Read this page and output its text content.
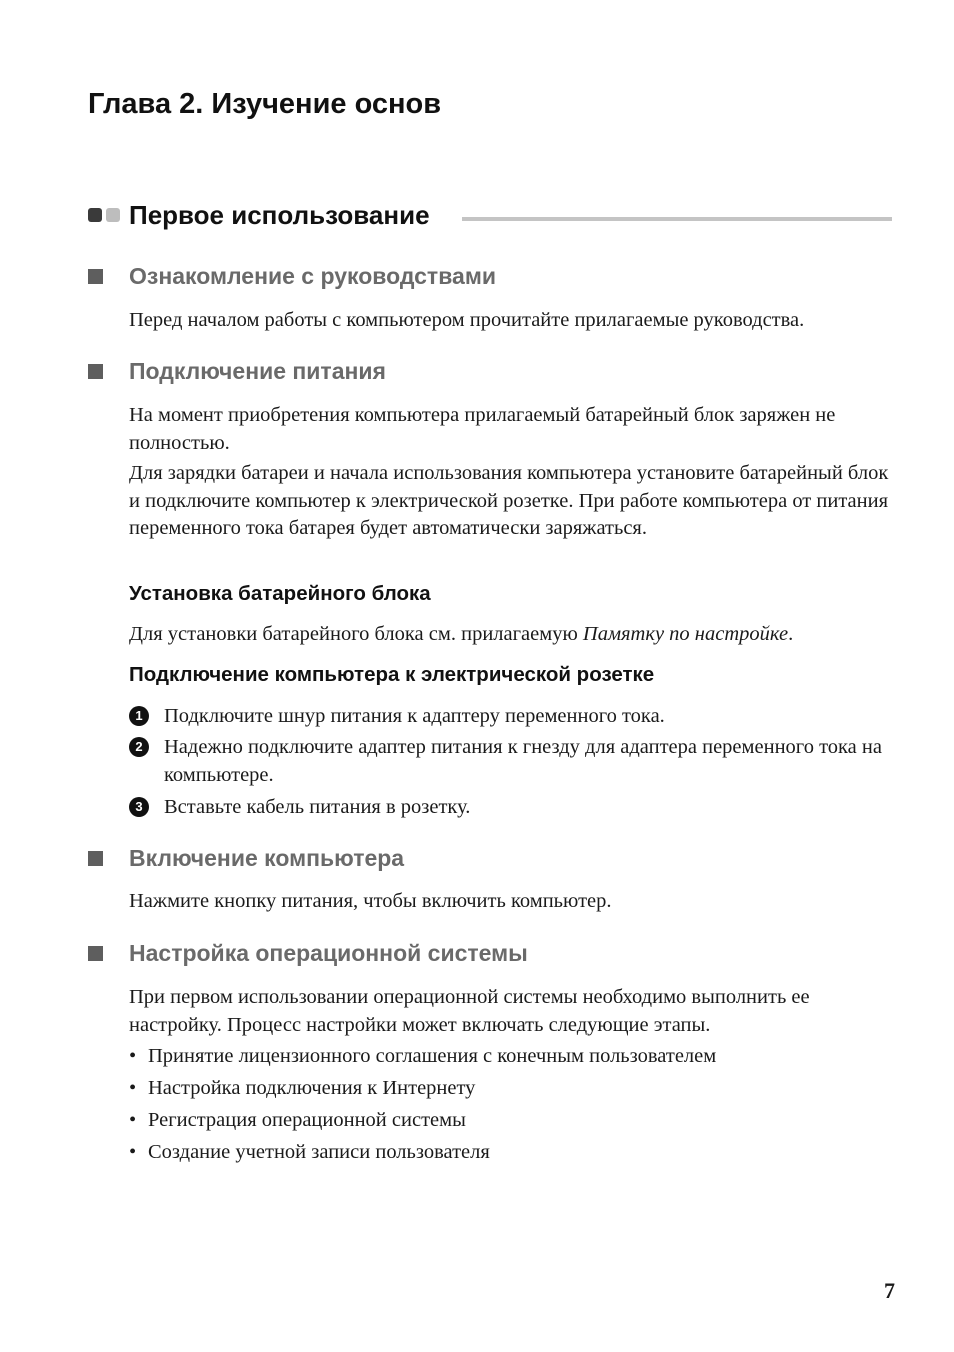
Глава 2. Изучение основ
Первое использование
Ознакомление с руководствами

Перед началом работы с компьютером прочитайте прилагаемые руководства.

Подключение питания

На момент приобретения компьютера прилагаемый батарейный блок заряжен не полностью.

Для зарядки батареи и начала использования компьютера установите батарейный блок и подключите компьютер к электрической розетке. При работе компьютера от питания переменного тока батарея будет автоматически заряжаться.

Установка батарейного блока

Для установки батарейного блока см. прилагаемую Памятку по настройке.

Подключение компьютера к электрической розетке
1	Подключите шнур питания к адаптеру переменного тока.
2	Надежно подключите адаптер питания к гнезду для адаптера переменного тока на компьютере.
3	Вставьте кабель питания в розетку.
Включение компьютера

Нажмите кнопку питания, чтобы включить компьютер.

Настройка операционной системы

При первом использовании операционной системы необходимо выполнить ее настройку. Процесс настройки может включать следующие этапы.

• Принятие лицензионного соглашения с конечным пользователем
• Настройка подключения к Интернету
• Регистрация операционной системы
• Создание учетной записи пользователя
7
